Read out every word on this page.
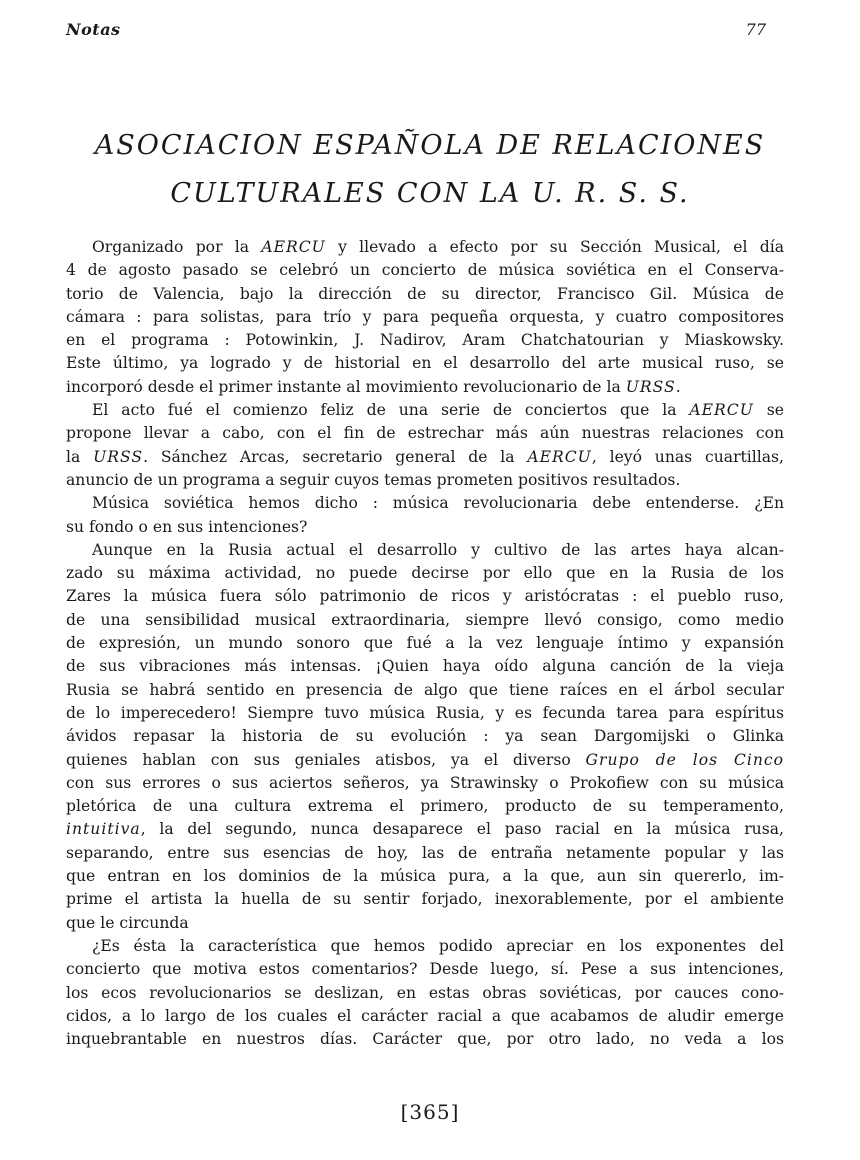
Notas	77
ASOCIACION ESPAÑOLA DE RELACIONES
CULTURALES CON LA U. R. S. S.
Organizado por la AERCU y llevado a efecto por su Sección Musical, el día
4 de agosto pasado se celebró un concierto de música soviética en el Conserva-
torio de Valencia, bajo la dirección de su director, Francisco Gil. Música de
cámara : para solistas, para trío y para pequeña orquesta, y cuatro compositores
en el programa : Potowinkin, J. Nadirov, Aram Chatchatourian y Miaskowsky.
Este último, ya logrado y de historial en el desarrollo del arte musical ruso, se
incorporó desde el primer instante al movimiento revolucionario de la URSS.
El acto fué el comienzo feliz de una serie de conciertos que la AERCU se
propone llevar a cabo, con el fin de estrechar más aún nuestras relaciones con
la URSS. Sánchez Arcas, secretario general de la AERCU, leyó unas cuartillas,
anuncio de un programa a seguir cuyos temas prometen positivos resultados.
Música soviética hemos dicho : música revolucionaria debe entenderse. ¿En
su fondo o en sus intenciones?
Aunque en la Rusia actual el desarrollo y cultivo de las artes haya alcan-
zado su máxima actividad, no puede decirse por ello que en la Rusia de los
Zares la música fuera sólo patrimonio de ricos y aristócratas : el pueblo ruso,
de una sensibilidad musical extraordinaria, siempre llevó consigo, como medio
de expresión, un mundo sonoro que fué a la vez lenguaje íntimo y expansión
de sus vibraciones más intensas. ¡Quien haya oído alguna canción de la vieja
Rusia se habrá sentido en presencia de algo que tiene raíces en el árbol secular
de lo imperecedero! Siempre tuvo música Rusia, y es fecunda tarea para espíritus
ávidos repasar la historia de su evolución : ya sean Dargomijski o Glinka
quienes hablan con sus geniales atisbos, ya el diverso Grupo de los Cinco
con sus errores o sus aciertos señeros, ya Strawinsky o Prokofiew con su música
pletórica de una cultura extrema el primero, producto de su temperamento,
intuitiva, la del segundo, nunca desaparece el paso racial en la música rusa,
separando, entre sus esencias de hoy, las de entraña netamente popular y las
que entran en los dominios de la música pura, a la que, aun sin quererlo, im-
prime el artista la huella de su sentir forjado, inexorablemente, por el ambiente
que le circunda
¿Es ésta la característica que hemos podido apreciar en los exponentes del
concierto que motiva estos comentarios? Desde luego, sí. Pese a sus intenciones,
los ecos revolucionarios se deslizan, en estas obras soviéticas, por cauces cono-
cidos, a lo largo de los cuales el carácter racial a que acabamos de aludir emerge
inquebrantable en nuestros días. Carácter que, por otro lado, no veda a los
[365]
